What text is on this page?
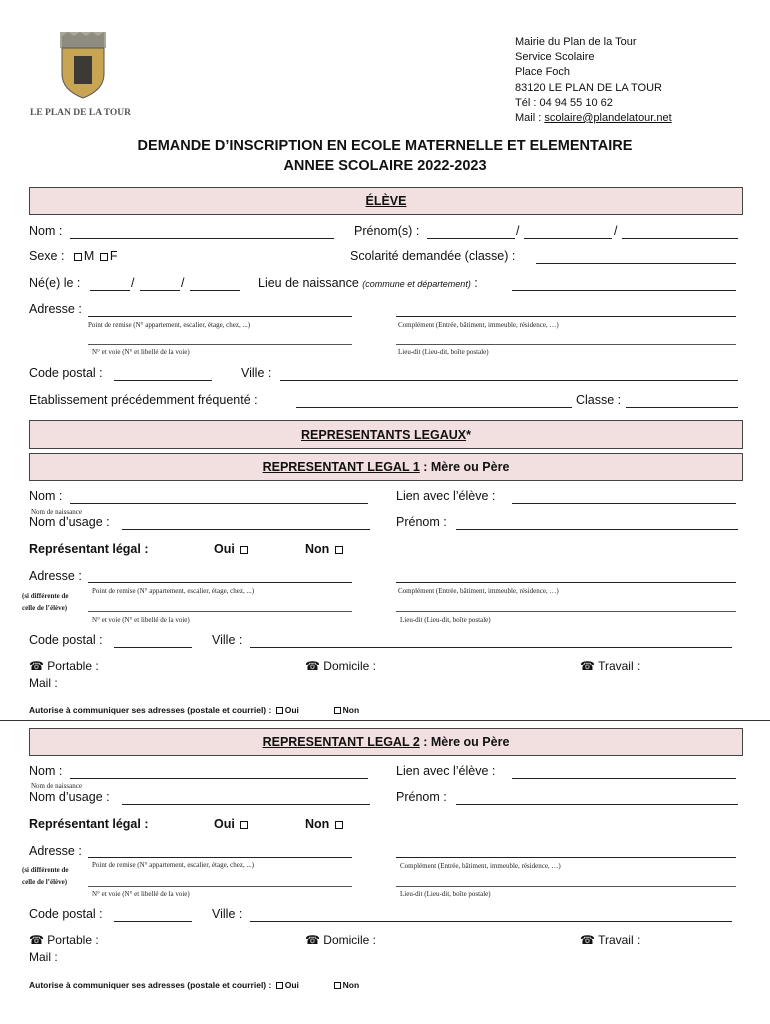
LE PLAN DE LA TOUR
Mairie du Plan de la Tour
Service Scolaire
Place Foch
83120 LE PLAN DE LA TOUR
Tél : 04 94 55 10 62
Mail : scolaire@plandelatour.net
DEMANDE D’INSCRIPTION EN ECOLE MATERNELLE ET ELEMENTAIRE
ANNEE SCOLAIRE 2022-2023
ÉLÈVE
Nom :	Prénom(s) :	/	/
Sexe : M F	Scolarité demandée (classe) :
Né(e) le :	/	/	Lieu de naissance (commune et département) :
Adresse :
Point de remise (N° appartement, escalier, étage, chez, ...)	Complément (Entrée, bâtiment, immeuble, résidence, …)
N° et voie (N° et libellé de la voie)	Lieu-dit (Lieu-dit, boîte postale)
Code postal :	Ville :
Etablissement précédemment fréquenté :	Classe :
REPRESENTANTS LEGAUX *
REPRESENTANT LEGAL 1 : Mère ou Père
Nom :	Lien avec l’élève :
Nom de naissance
Nom d’usage :	Prénom :
Représentant légal :	Oui	Non
Adresse :
(si différente de
celle de l’élève)
Point de remise (N° appartement, escalier, étage, chez, ...)	Complément (Entrée, bâtiment, immeuble, résidence, …)
N° et voie (N° et libellé de la voie)	Lieu-dit (Lieu-dit, boîte postale)
Code postal :	Ville :
☎ Portable :	☎ Domicile :	☎ Travail :
Mail :
Autorise à communiquer ses adresses (postale et courriel) : Oui	Non
REPRESENTANT LEGAL 2 : Mère ou Père
Nom :	Lien avec l’élève :
Nom de naissance
Nom d’usage :	Prénom :
Représentant légal :	Oui	Non
Adresse :
(si différente de
celle de l’élève)
Point de remise (N° appartement, escalier, étage, chez, ...)	Complément (Entrée, bâtiment, immeuble, résidence, …)
N° et voie (N° et libellé de la voie)	Lieu-dit (Lieu-dit, boîte postale)
Code postal :	Ville :
☎ Portable :	☎ Domicile :	☎ Travail :
Mail :
Autorise à communiquer ses adresses (postale et courriel) : Oui	Non
